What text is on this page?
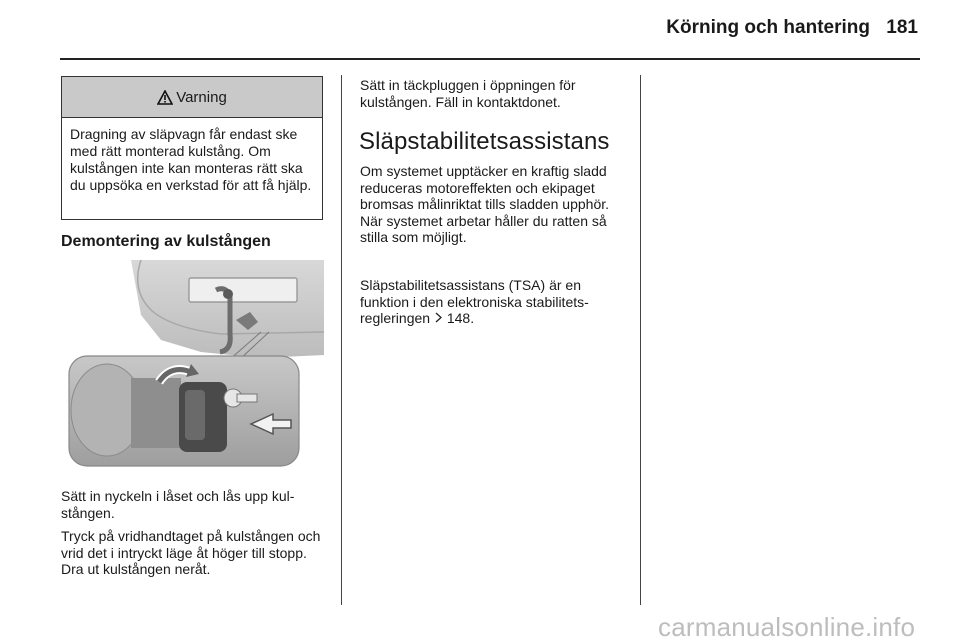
Körning och hantering 181
Varning
Dragning av släpvagn får endast ske med rätt monterad kulstång. Om kulstången inte kan monteras rätt ska du uppsöka en verkstad för att få hjälp.
Demontering av kulstången

Sätt in nyckeln i låset och lås upp kulstången.

Tryck på vridhandtaget på kulstången och vrid det i intryckt läge åt höger till stopp. Dra ut kulstången neråt.

Sätt in täckpluggen i öppningen för kulstången. Fäll in kontaktdonet.

Släpstabilitetsassistans

Om systemet upptäcker en kraftig sladd reduceras motoreffekten och ekipaget bromsas målinriktat tills sladden upphör. När systemet arbetar håller du ratten så stilla som möjligt.

Släpstabilitetsassistans (TSA) är en funktion i den elektroniska stabilitetsregleringen 148.

carmanualsonline.info
